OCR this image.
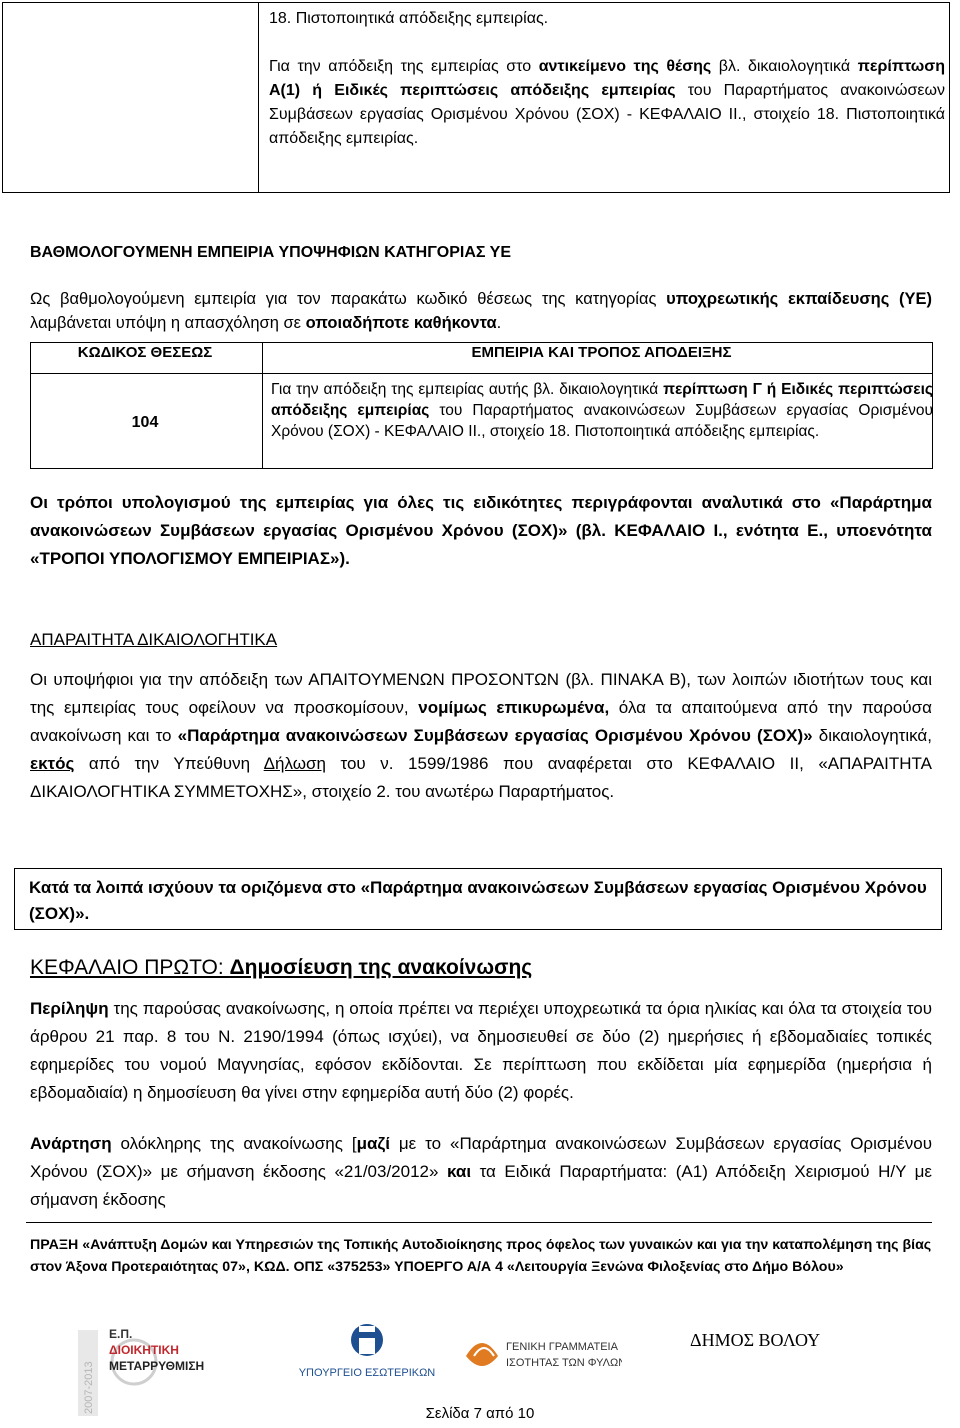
18. Πιστοποιητικά απόδειξης εμπειρίας.

Για την απόδειξη της εμπειρίας στο αντικείμενο της θέσης βλ. δικαιολογητικά περίπτωση Α(1) ή Ειδικές περιπτώσεις απόδειξης εμπειρίας του Παραρτήματος ανακοινώσεων Συμβάσεων εργασίας Ορισμένου Χρόνου (ΣΟΧ) - ΚΕΦΑΛΑΙΟ ΙΙ., στοιχείο 18. Πιστοποιητικά απόδειξης εμπειρίας.

ΒΑΘΜΟΛΟΓΟΥΜΕΝΗ ΕΜΠΕΙΡΙΑ ΥΠΟΨΗΦΙΩΝ ΚΑΤΗΓΟΡΙΑΣ ΥΕ
Ως βαθμολογούμενη εμπειρία για τον παρακάτω κωδικό θέσεως της κατηγορίας υποχρεωτικής εκπαίδευσης (ΥΕ) λαμβάνεται υπόψη η απασχόληση σε οποιαδήποτε καθήκοντα.
ΚΩΔΙΚΟΣ ΘΕΣΕΩΣ	ΕΜΠΕΙΡΙΑ ΚΑΙ ΤΡΟΠΟΣ ΑΠΟΔΕΙΞΗΣ
104
Για την απόδειξη της εμπειρίας αυτής βλ. δικαιολογητικά περίπτωση Γ ή Ειδικές περιπτώσεις απόδειξης εμπειρίας του Παραρτήματος ανακοινώσεων Συμβάσεων εργασίας Ορισμένου Χρόνου (ΣΟΧ) - ΚΕΦΑΛΑΙΟ ΙΙ., στοιχείο 18. Πιστοποιητικά απόδειξης εμπειρίας.
Οι τρόποι υπολογισμού της εμπειρίας για όλες τις ειδικότητες περιγράφονται αναλυτικά στο «Παράρτημα ανακοινώσεων Συμβάσεων εργασίας Ορισμένου Χρόνου (ΣΟΧ)» (βλ. ΚΕΦΑΛΑΙΟ Ι., ενότητα Ε., υποενότητα «ΤΡΟΠΟΙ ΥΠΟΛΟΓΙΣΜΟΥ ΕΜΠΕΙΡΙΑΣ»).
ΑΠΑΡΑΙΤΗΤΑ ΔΙΚΑΙΟΛΟΓΗΤΙΚΑ
Οι υποψήφιοι για την απόδειξη των ΑΠΑΙΤΟΥΜΕΝΩΝ ΠΡΟΣΟΝΤΩΝ (βλ. ΠΙΝΑΚΑ Β), των λοιπών ιδιοτήτων τους και της εμπειρίας τους οφείλουν να προσκομίσουν, νομίμως επικυρωμένα, όλα τα απαιτούμενα από την παρούσα ανακοίνωση και το «Παράρτημα ανακοινώσεων Συμβάσεων εργασίας Ορισμένου Χρόνου (ΣΟΧ)» δικαιολογητικά, εκτός από την Υπεύθυνη Δήλωση του ν. 1599/1986 που αναφέρεται στο ΚΕΦΑΛΑΙΟ ΙΙ, «ΑΠΑΡΑΙΤΗΤΑ ΔΙΚΑΙΟΛΟΓΗΤΙΚΑ ΣΥΜΜΕΤΟΧΗΣ», στοιχείο 2. του ανωτέρω Παραρτήματος.
Κατά τα λοιπά ισχύουν τα οριζόμενα στο «Παράρτημα ανακοινώσεων Συμβάσεων εργασίας Ορισμένου Χρόνου (ΣΟΧ)».
ΚΕΦΑΛΑΙΟ ΠΡΩΤΟ: Δημοσίευση της ανακοίνωσης
Περίληψη της παρούσας ανακοίνωσης, η οποία πρέπει να περιέχει υποχρεωτικά τα όρια ηλικίας και όλα τα στοιχεία του άρθρου 21 παρ. 8 του Ν. 2190/1994 (όπως ισχύει), να δημοσιευθεί σε δύο (2) ημερήσιες ή εβδομαδιαίες τοπικές εφημερίδες του νομού Μαγνησίας, εφόσον εκδίδονται. Σε περίπτωση που εκδίδεται μία εφημερίδα (ημερήσια ή εβδομαδιαία) η δημοσίευση θα γίνει στην εφημερίδα αυτή δύο (2) φορές.
Ανάρτηση ολόκληρης της ανακοίνωσης [μαζί με το «Παράρτημα ανακοινώσεων Συμβάσεων εργασίας Ορισμένου Χρόνου (ΣΟΧ)» με σήμανση έκδοσης «21/03/2012» και τα Ειδικά Παραρτήματα: (Α1) Απόδειξη Χειρισμού Η/Υ με σήμανση έκδοσης
ΠΡΑΞΗ «Ανάπτυξη Δομών και Υπηρεσιών της Τοπικής Αυτοδιοίκησης προς όφελος των γυναικών και για την καταπολέμηση της βίας στον Άξονα Προτεραιότητας 07», ΚΩΔ. ΟΠΣ «375253» ΥΠΟΕΡΓΟ Α/Α 4 «Λειτουργία Ξενώνα Φιλοξενίας στο Δήμο Βόλου»
2007-2013
Ε.Π.
ΔΙΟΙΚΗΤΙΚΗ
ΜΕΤΑΡΡΥΘΜΙΣΗ	ΥΠΟΥΡΓΕΙΟ ΕΣΩΤΕΡΙΚΩΝ
ΓΕΝΙΚΗ ΓΡΑΜΜΑΤΕΙΑ
ΙΣΟΤΗΤΑΣ ΤΩΝ ΦΥΛΩΝ
ΔΗΜΟΣ ΒΟΛΟΥ
Σελίδα 7 από 10
